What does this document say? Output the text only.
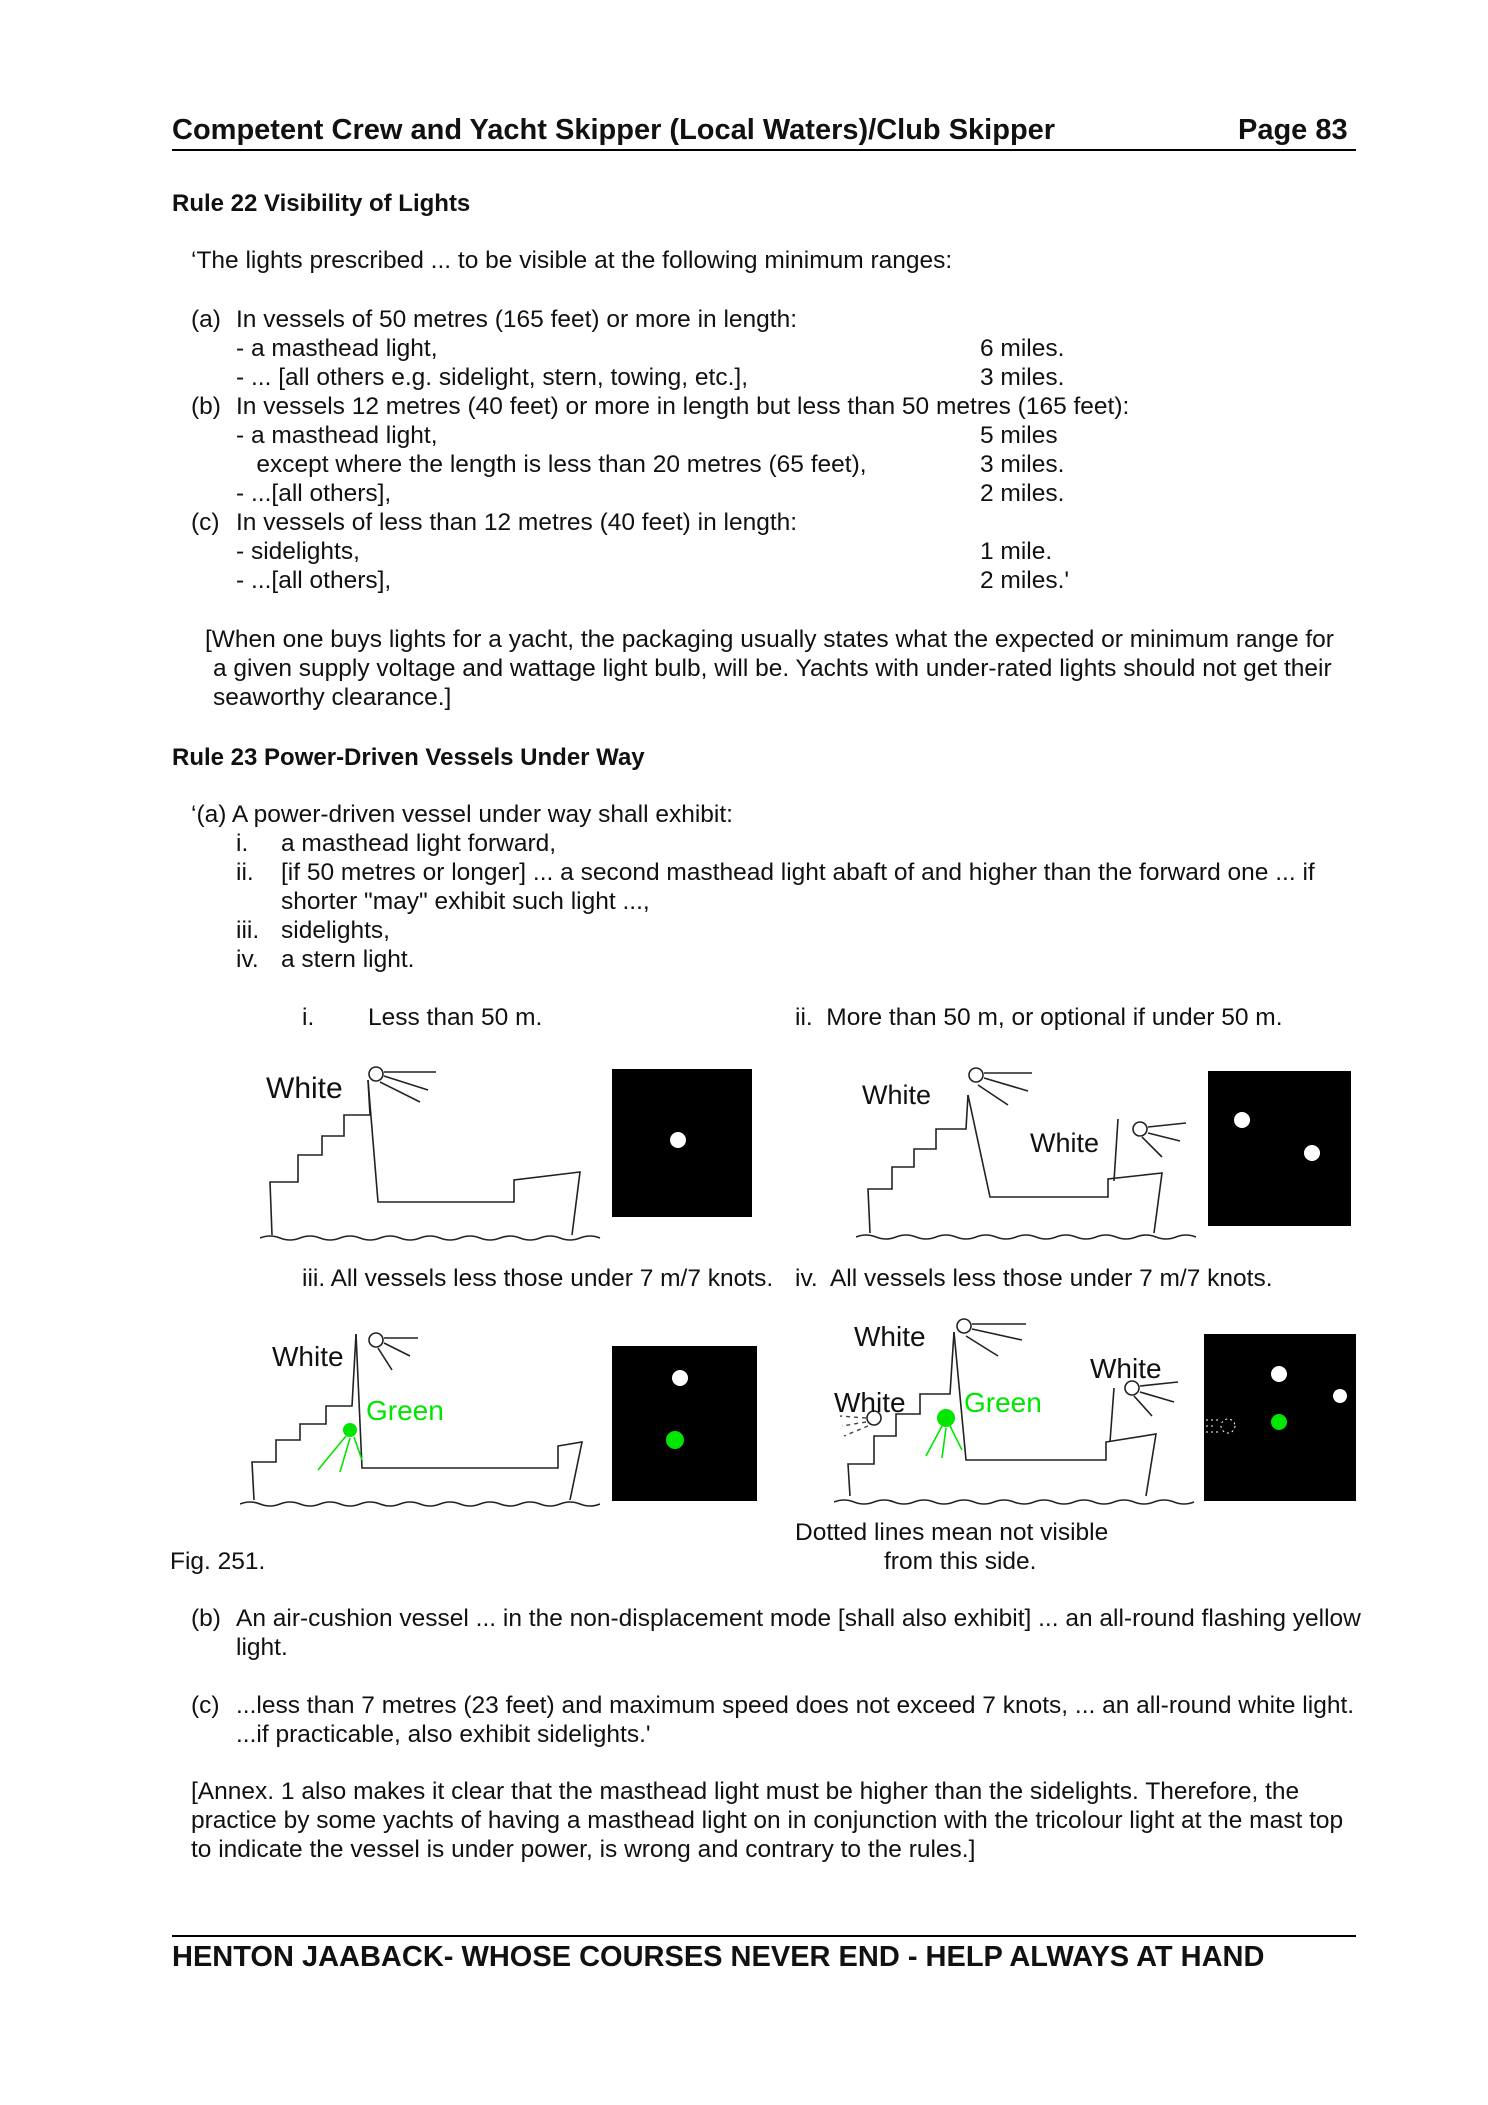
Competent Crew and Yacht Skipper (Local Waters)/Club Skipper	Page 83
Rule 22 Visibility of Lights
‘The lights prescribed ... to be visible at the following minimum ranges:
(a) In vessels of 50 metres (165 feet) or more in length:
- a masthead light,	6 miles.
- ... [all others e.g. sidelight, stern, towing, etc.],	3 miles.
(b) In vessels 12 metres (40 feet) or more in length but less than 50 metres (165 feet):
- a masthead light,	5 miles
except where the length is less than 20 metres (65 feet),	3 miles.
- ...[all others],	2 miles.
(c) In vessels of less than 12 metres (40 feet) in length:
- sidelights,	1 mile.
- ...[all others],	2 miles.'
[When one buys lights for a yacht, the packaging usually states what the expected or minimum range for
a given supply voltage and wattage light bulb, will be. Yachts with under-rated lights should not get their
seaworthy clearance.]
Rule 23 Power-Driven Vessels Under Way
‘(a) A power-driven vessel under way shall exhibit:
i. a masthead light forward,
ii. [if 50 metres or longer] ... a second masthead light abaft of and higher than the forward one ... if
shorter "may" exhibit such light ...,
iii. sidelights,
iv. a stern light.
i. Less than 50 m.	ii.  More than 50 m, or optional if under 50 m.
White	White
White
iii. All vessels less those under 7 m/7 knots. iv.  All vessels less those under 7 m/7 knots.
White
Green
White
White
White Green
Dotted lines mean not visible
from this side.
Fig. 251.
(b) An air-cushion vessel ... in the non-displacement mode [shall also exhibit] ... an all-round flashing yellow
light.
(c) ...less than 7 metres (23 feet) and maximum speed does not exceed 7 knots, ... an all-round white light.
...if practicable, also exhibit sidelights.'
[Annex. 1 also makes it clear that the masthead light must be higher than the sidelights. Therefore, the
practice by some yachts of having a masthead light on in conjunction with the tricolour light at the mast top
to indicate the vessel is under power, is wrong and contrary to the rules.]
HENTON JAABACK- WHOSE COURSES NEVER END - HELP ALWAYS AT HAND
